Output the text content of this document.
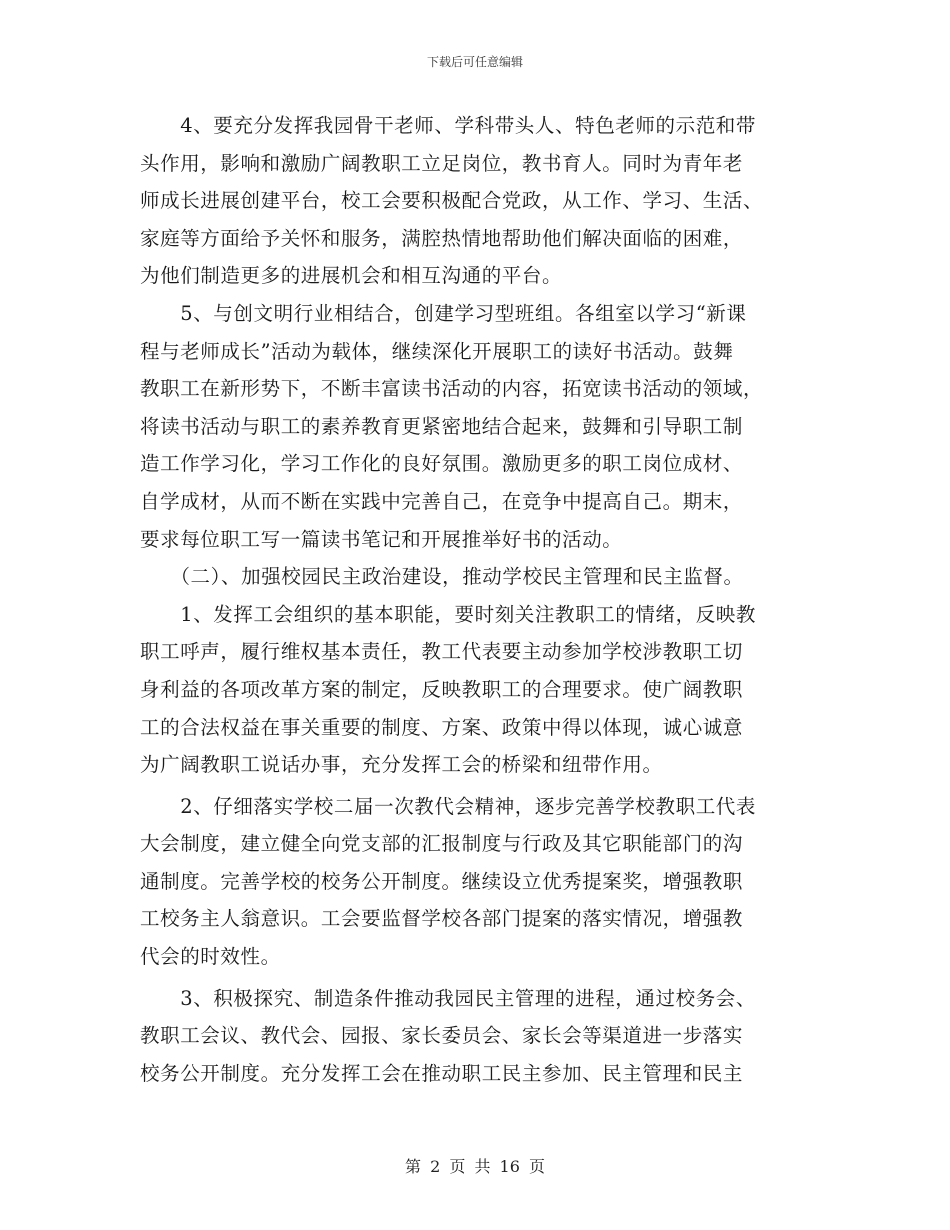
下载后可任意编辑
　　4、要充分发挥我园骨干老师、学科带头人、特色老师的示范和带
头作用，影响和激励广阔教职工立足岗位，教书育人。同时为青年老
师成长进展创建平台，校工会要积极配合党政，从工作、学习、生活、
家庭等方面给予关怀和服务，满腔热情地帮助他们解决面临的困难，
为他们制造更多的进展机会和相互沟通的平台。
　　5、与创文明行业相结合，创建学习型班组。各组室以学习“新课
程与老师成长”活动为载体，继续深化开展职工的读好书活动。鼓舞
教职工在新形势下，不断丰富读书活动的内容，拓宽读书活动的领域，
将读书活动与职工的素养教育更紧密地结合起来，鼓舞和引导职工制
造工作学习化，学习工作化的良好氛围。激励更多的职工岗位成材、
自学成材，从而不断在实践中完善自己，在竞争中提高自己。期末，
要求每位职工写一篇读书笔记和开展推举好书的活动。
　　（二）、加强校园民主政治建设，推动学校民主管理和民主监督。
　　1、发挥工会组织的基本职能，要时刻关注教职工的情绪，反映教
职工呼声，履行维权基本责任，教工代表要主动参加学校涉教职工切
身利益的各项改革方案的制定，反映教职工的合理要求。使广阔教职
工的合法权益在事关重要的制度、方案、政策中得以体现，诚心诚意
为广阔教职工说话办事，充分发挥工会的桥梁和纽带作用。
　　2、仔细落实学校二届一次教代会精神，逐步完善学校教职工代表
大会制度，建立健全向党支部的汇报制度与行政及其它职能部门的沟
通制度。完善学校的校务公开制度。继续设立优秀提案奖，增强教职
工校务主人翁意识。工会要监督学校各部门提案的落实情况，增强教
代会的时效性。
　　3、积极探究、制造条件推动我园民主管理的进程，通过校务会、
教职工会议、教代会、园报、家长委员会、家长会等渠道进一步落实
校务公开制度。充分发挥工会在推动职工民主参加、民主管理和民主
第 2 页 共 16 页
